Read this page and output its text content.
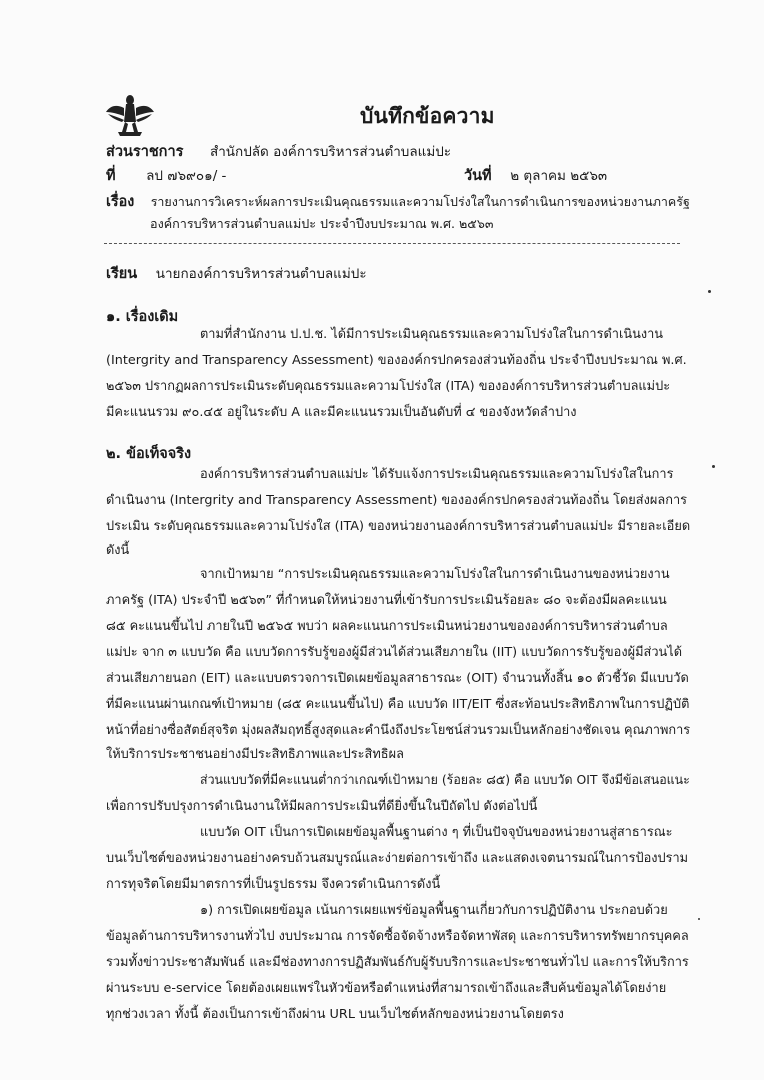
บันทึกข้อความ
ส่วนราชการ สำนักปลัด องค์การบริหารส่วนตำบลแม่ปะ
ที่ ลป ๗๖๙๐๑/ -	วันที่ ๒ ตุลาคม ๒๕๖๓
เรื่อง รายงานการวิเคราะห์ผลการประเมินคุณธรรมและความโปร่งใสในการดำเนินการของหน่วยงานภาครัฐ
องค์การบริหารส่วนตำบลแม่ปะ ประจำปีงบประมาณ พ.ศ. ๒๕๖๓
เรียน นายกองค์การบริหารส่วนตำบลแม่ปะ
๑. เรื่องเดิม
ตามที่สำนักงาน ป.ป.ช. ได้มีการประเมินคุณธรรมและความโปร่งใสในการดำเนินงาน
(Intergrity and Transparency Assessment) ขององค์กรปกครองส่วนท้องถิ่น ประจำปีงบประมาณ พ.ศ.
๒๕๖๓ ปรากฏผลการประเมินระดับคุณธรรมและความโปร่งใส (ITA) ขององค์การบริหารส่วนตำบลแม่ปะ
มีคะแนนรวม ๙๐.๔๕ อยู่ในระดับ A และมีคะแนนรวมเป็นอันดับที่ ๔ ของจังหวัดลำปาง
๒. ข้อเท็จจริง
องค์การบริหารส่วนตำบลแม่ปะ ได้รับแจ้งการประเมินคุณธรรมและความโปร่งใสในการ
ดำเนินงาน (Intergrity and Transparency Assessment) ขององค์กรปกครองส่วนท้องถิ่น โดยส่งผลการ
ประเมิน ระดับคุณธรรมและความโปร่งใส (ITA) ของหน่วยงานองค์การบริหารส่วนตำบลแม่ปะ มีรายละเอียด
ดังนี้
จากเป้าหมาย “การประเมินคุณธรรมและความโปร่งใสในการดำเนินงานของหน่วยงาน
ภาครัฐ (ITA) ประจำปี ๒๕๖๓” ที่กำหนดให้หน่วยงานที่เข้ารับการประเมินร้อยละ ๘๐ จะต้องมีผลคะแนน
๘๕ คะแนนขึ้นไป ภายในปี ๒๕๖๕ พบว่า ผลคะแนนการประเมินหน่วยงานขององค์การบริหารส่วนตำบล
แม่ปะ จาก ๓ แบบวัด คือ แบบวัดการรับรู้ของผู้มีส่วนได้ส่วนเสียภายใน (IIT) แบบวัดการรับรู้ของผู้มีส่วนได้
ส่วนเสียภายนอก (EIT) และแบบตรวจการเปิดเผยข้อมูลสาธารณะ (OIT) จำนวนทั้งสิ้น ๑๐ ตัวชี้วัด มีแบบวัด
ที่มีคะแนนผ่านเกณฑ์เป้าหมาย (๘๕ คะแนนขึ้นไป) คือ แบบวัด IIT/EIT ซึ่งสะท้อนประสิทธิภาพในการปฏิบัติ
หน้าที่อย่างซื่อสัตย์สุจริต มุ่งผลสัมฤทธิ์สูงสุดและคำนึงถึงประโยชน์ส่วนรวมเป็นหลักอย่างชัดเจน คุณภาพการ
ให้บริการประชาชนอย่างมีประสิทธิภาพและประสิทธิผล
ส่วนแบบวัดที่มีคะแนนต่ำกว่าเกณฑ์เป้าหมาย (ร้อยละ ๘๕) คือ แบบวัด OIT จึงมีข้อเสนอแนะ
เพื่อการปรับปรุงการดำเนินงานให้มีผลการประเมินที่ดียิ่งขึ้นในปีถัดไป ดังต่อไปนี้
แบบวัด OIT เป็นการเปิดเผยข้อมูลพื้นฐานต่าง ๆ ที่เป็นปัจจุบันของหน่วยงานสู่สาธารณะ
บนเว็บไซต์ของหน่วยงานอย่างครบถ้วนสมบูรณ์และง่ายต่อการเข้าถึง และแสดงเจตนารมณ์ในการป้องปราม
การทุจริตโดยมีมาตรการที่เป็นรูปธรรม จึงควรดำเนินการดังนี้
๑) การเปิดเผยข้อมูล เน้นการเผยแพร่ข้อมูลพื้นฐานเกี่ยวกับการปฏิบัติงาน ประกอบด้วย
ข้อมูลด้านการบริหารงานทั่วไป งบประมาณ การจัดซื้อจัดจ้างหรือจัดหาพัสดุ และการบริหารทรัพยากรบุคคล
รวมทั้งข่าวประชาสัมพันธ์ และมีช่องทางการปฏิสัมพันธ์กับผู้รับบริการและประชาชนทั่วไป และการให้บริการ
ผ่านระบบ e-service โดยต้องเผยแพร่ในหัวข้อหรือตำแหน่งที่สามารถเข้าถึงและสืบค้นข้อมูลได้โดยง่าย
ทุกช่วงเวลา ทั้งนี้ ต้องเป็นการเข้าถึงผ่าน URL บนเว็บไซต์หลักของหน่วยงานโดยตรง
